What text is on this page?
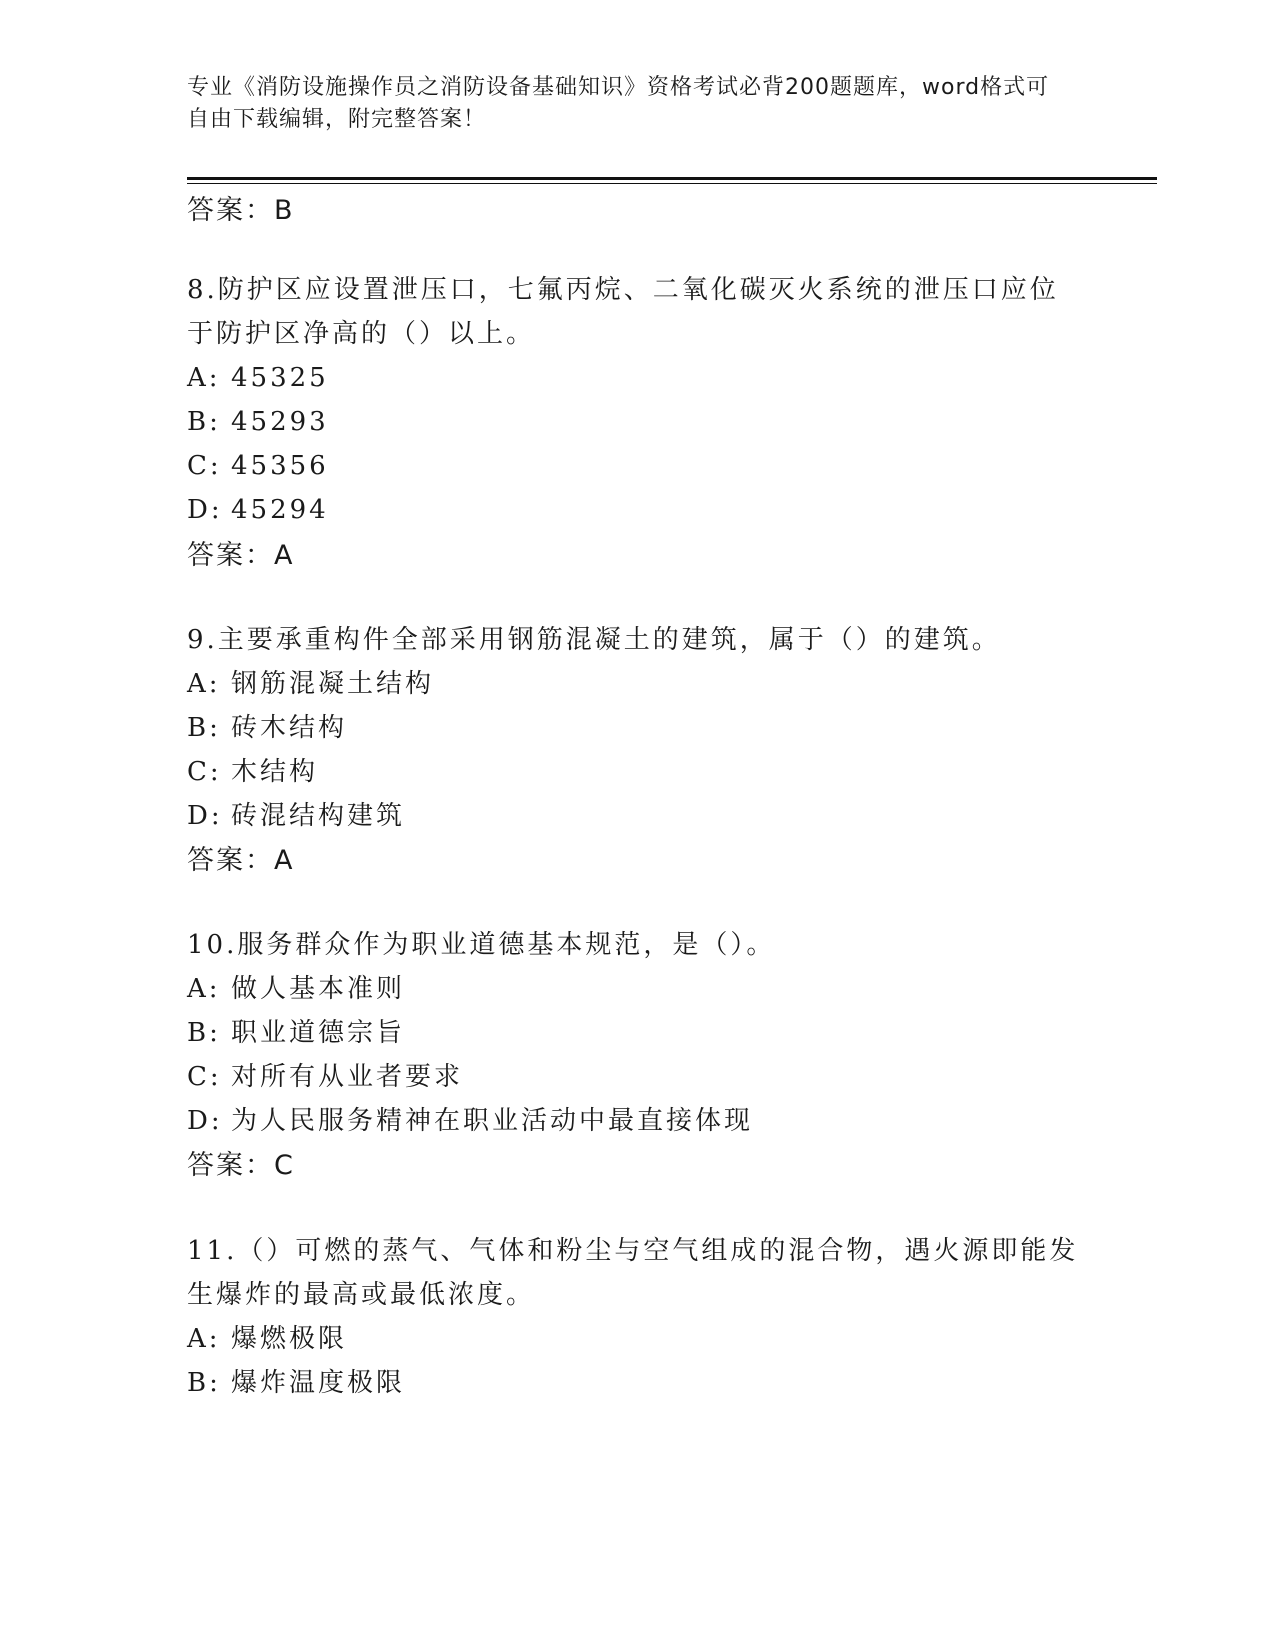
专业《消防设施操作员之消防设备基础知识》资格考试必背200题题库，word格式可自由下载编辑，附完整答案！
答案：B
8.防护区应设置泄压口，七氟丙烷、二氧化碳灭火系统的泄压口应位
于防护区净高的（）以上。
A: 45325
B: 45293
C: 45356
D: 45294
答案：A
9.主要承重构件全部采用钢筋混凝土的建筑，属于（）的建筑。
A: 钢筋混凝土结构
B: 砖木结构
C: 木结构
D: 砖混结构建筑
答案：A
10.服务群众作为职业道德基本规范，是（）。
A: 做人基本准则
B: 职业道德宗旨
C: 对所有从业者要求
D: 为人民服务精神在职业活动中最直接体现
答案：C
11.（）可燃的蒸气、气体和粉尘与空气组成的混合物，遇火源即能发
生爆炸的最高或最低浓度。
A: 爆燃极限
B: 爆炸温度极限
